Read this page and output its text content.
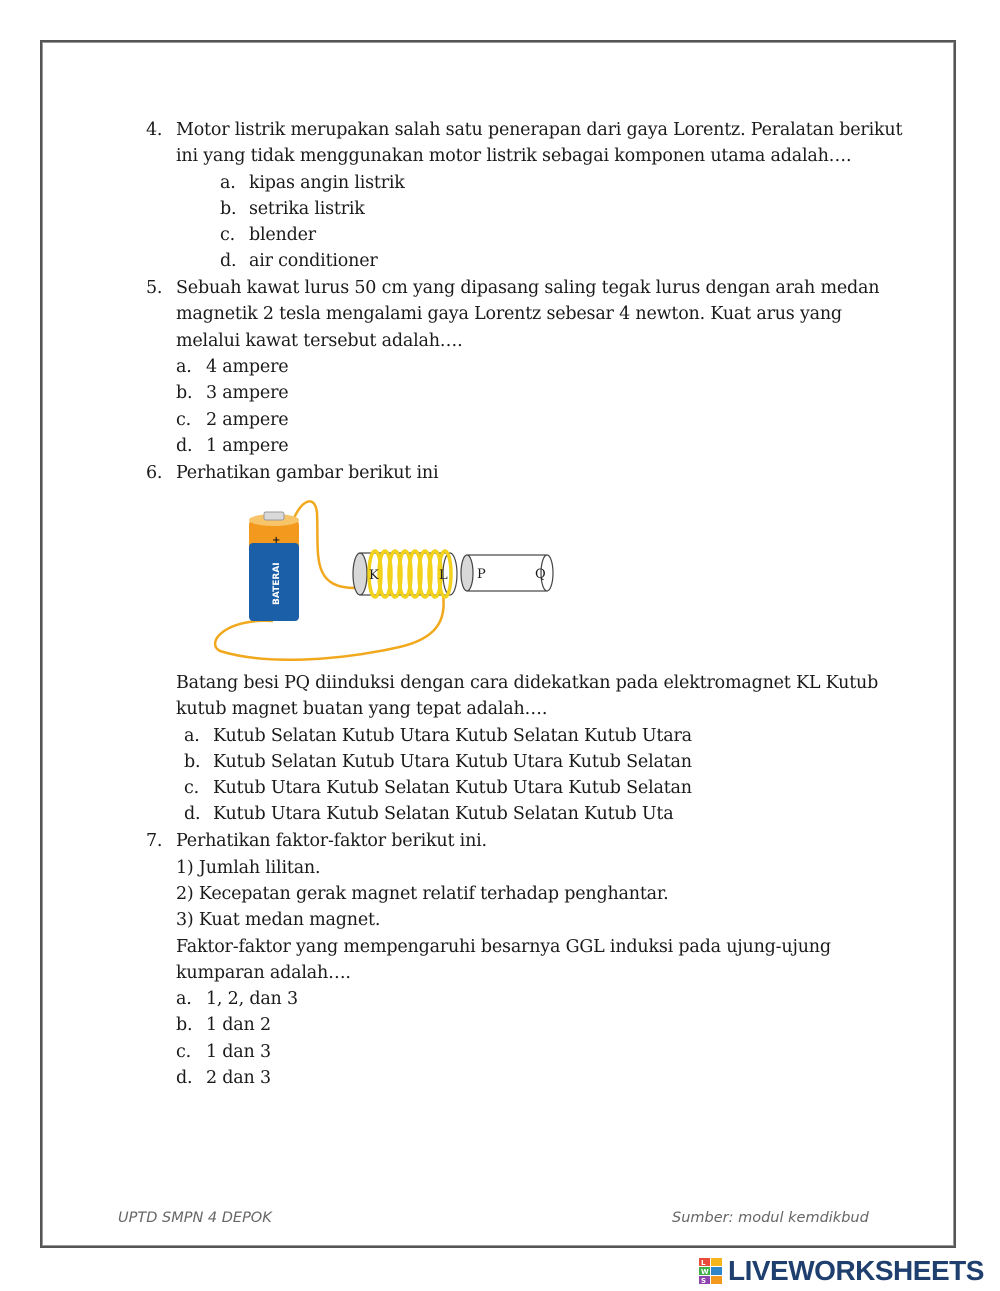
4. Motor listrik merupakan salah satu penerapan dari gaya Lorentz. Peralatan berikut
ini yang tidak menggunakan motor listrik sebagai komponen utama adalah….
a. kipas angin listrik
b. setrika listrik
c. blender
d. air conditioner
5. Sebuah kawat lurus 50 cm yang dipasang saling tegak lurus dengan arah medan
magnetik 2 tesla mengalami gaya Lorentz sebesar 4 newton. Kuat arus yang
melalui kawat tersebut adalah….
a. 4 ampere
b. 3 ampere
c. 2 ampere
d. 1 ampere
6. Perhatikan gambar berikut ini
+
BATERAI	K	L P	Q
Batang besi PQ diinduksi dengan cara didekatkan pada elektromagnet KL Kutub
kutub magnet buatan yang tepat adalah….
a. Kutub Selatan Kutub Utara Kutub Selatan Kutub Utara
b. Kutub Selatan Kutub Utara Kutub Utara Kutub Selatan
c. Kutub Utara Kutub Selatan Kutub Utara Kutub Selatan
d. Kutub Utara Kutub Selatan Kutub Selatan Kutub Uta
7. Perhatikan faktor-faktor berikut ini.
1) Jumlah lilitan.
2) Kecepatan gerak magnet relatif terhadap penghantar.
3) Kuat medan magnet.
Faktor-faktor yang mempengaruhi besarnya GGL induksi pada ujung-ujung
kumparan adalah….
a. 1, 2, dan 3
b. 1 dan 2
c. 1 dan 3
d. 2 dan 3
UPTD SMPN 4 DEPOK	Sumber: modul kemdikbud
L
W
S LIVEWORKSHEETS
